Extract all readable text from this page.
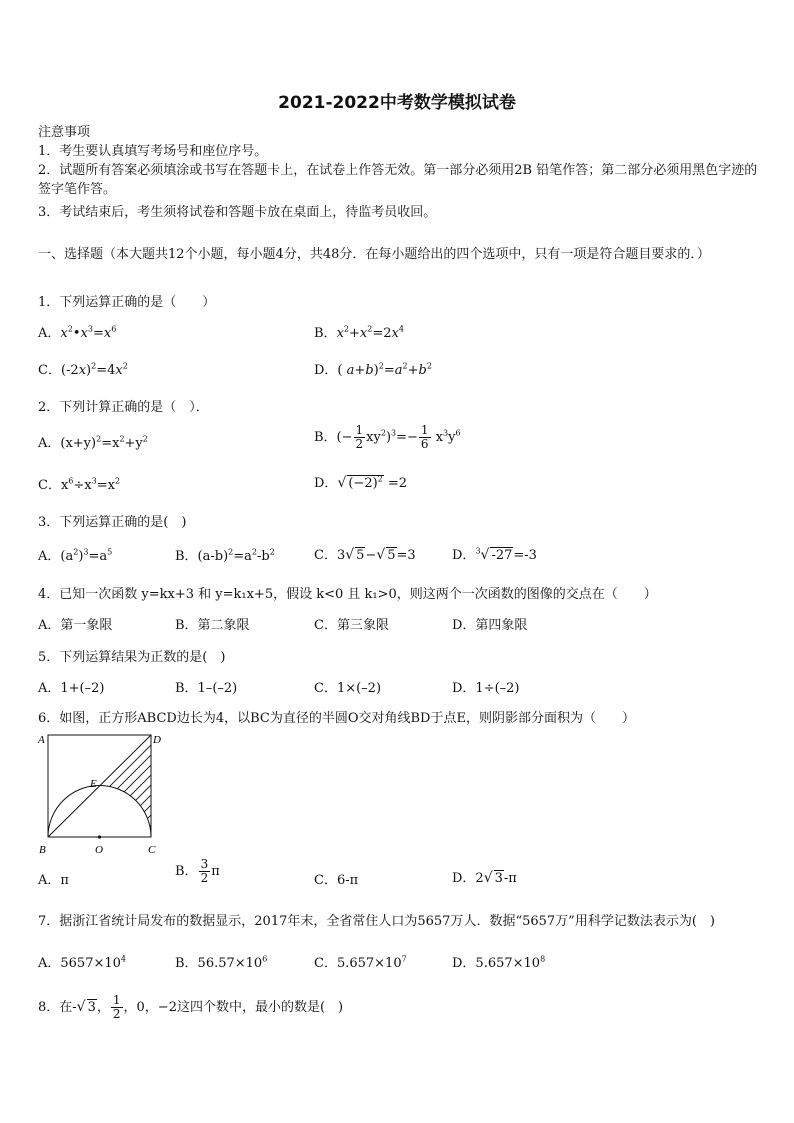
2021-2022中考数学模拟试卷
注意事项
1．考生要认真填写考场号和座位序号。
2．试题所有答案必须填涂或书写在答题卡上，在试卷上作答无效。第一部分必须用2B 铅笔作答；第二部分必须用黑色字迹的签字笔作答。
3．考试结束后，考生须将试卷和答题卡放在桌面上，待监考员收回。
一、选择题（本大题共12个小题，每小题4分，共48分．在每小题给出的四个选项中，只有一项是符合题目要求的．）
1．下列运算正确的是（　　）
A．$x^2•x^3=x^6$	B．$x^2+x^2=2x^4$
C．$(-2x)^2=4x^2$	D．( $a+b)^2=a^2+b^2$
2．下列计算正确的是（　）．
A．$(x+y)^2=x^2+y^2$	B．(− $\frac{1}{2} xy^2)^3=- \frac{1}{6} x^3y^6$
C．$x^6\div x^3=x^2$	D．√ $(-2)^2 =2$
3．下列运算正确的是(　)
A．$(a^2)^3=a^5$	B．$(a-b)^2=a^2-b^2$	C．3√ 5−√ 5=3	D．$^3$√ -27=-3
4．已知一次函数 y=kx+3 和 y=k₁x+5，假设 k<0 且 k₁>0，则这两个一次函数的图像的交点在（　　）
A．第一象限	B．第二象限	C．第三象限	D．第四象限
5．下列运算结果为正数的是(　)
A．1+(–2)	B．1–(–2)	C．1×(–2)	D．1÷(–2)
6．如图，正方形ABCD边长为4，以BC为直径的半圆O交对角线BD于点E，则阴影部分面积为（　　）
A	D
E
B	O	C
A．π
B． $\frac{3}{2}$ π
C．6-π	D．2√ 3-π
7．据浙江省统计局发布的数据显示，2017年末，全省常住人口为5657万人．数据“5657万”用科学记数法表示为(　)
A．$5657\times 10^4$	B．$56.57\times 10^6$	C．$5.657\times 10^7$	D．$5.657\times 10^8$
8．在-√ 3， $\frac{1}{2}$ ，0，−2这四个数中，最小的数是(　)
